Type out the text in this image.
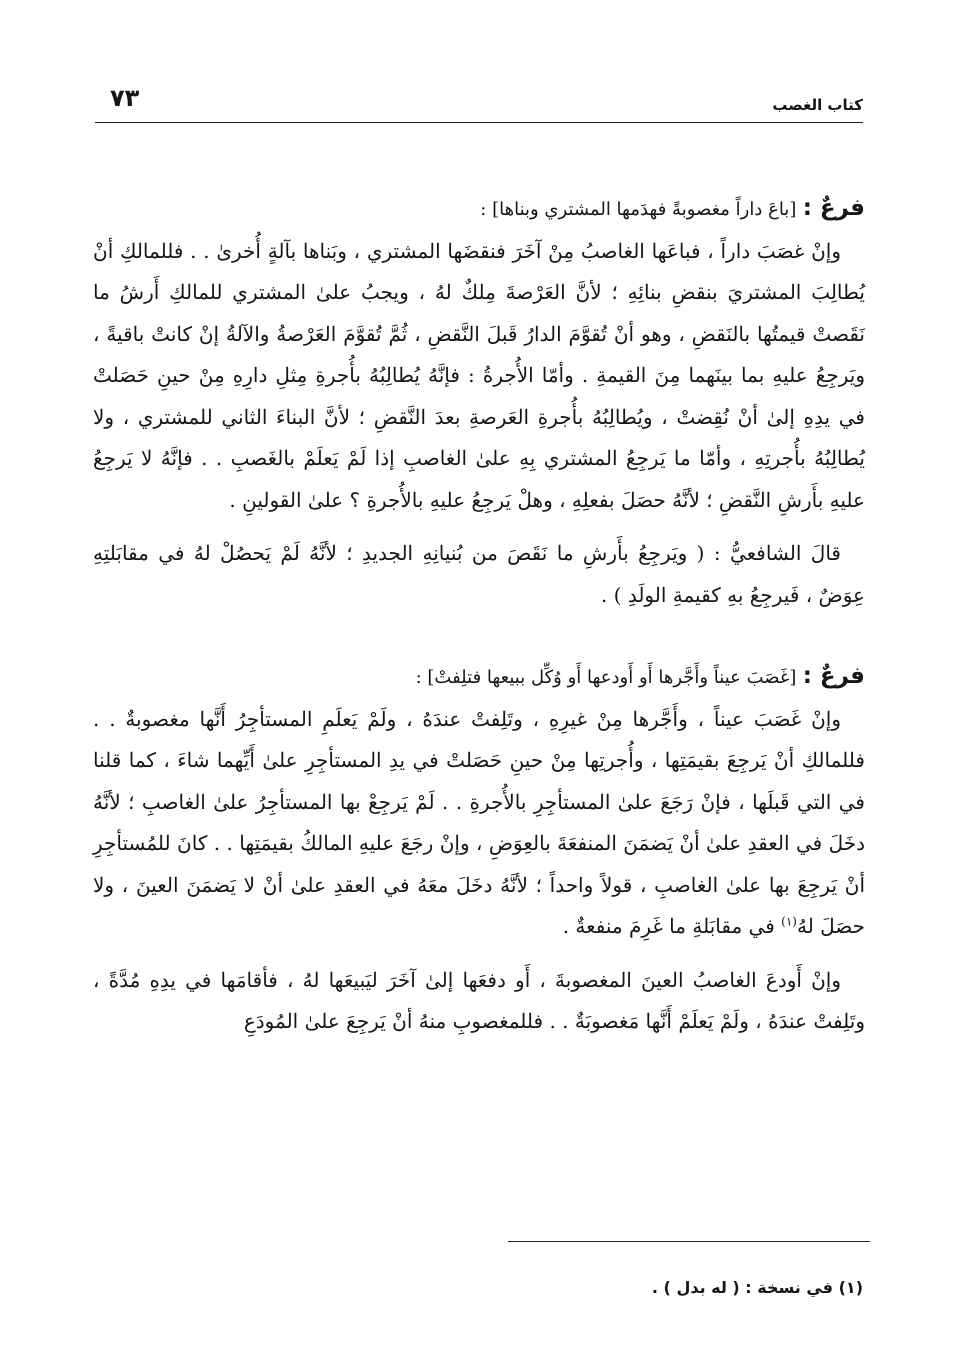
كتاب الغصب
٧٣

فرعٌ : [باعَ داراً مغصوبةً فهدَمها المشتري وبناها] :

وإنْ غصَبَ داراً ، فباعَها الغاصبُ مِنْ آخَرَ فنقضَها المشتري ، وبَناها بآلةٍ أُخرىٰ . . فللمالكِ أنْ يُطالِبَ المشتريَ بنقضِ بنائِهِ ؛ لأنَّ العَرْصةَ مِلكٌ لهُ ، ويجبُ علىٰ المشتري للمالكِ أَرشُ ما نَقَصتْ قيمتُها بالنَقضِ ، وهو أنْ تُقوَّمَ الدارُ قَبلَ النَّقضِ ، ثُمَّ تُقوَّمَ العَرْصةُ والآلةُ إنْ كانتْ باقيةً ، ويَرجِعُ عليهِ بما بينَهما مِنَ القيمةِ . وأمّا الأُجرةُ : فإنَّهُ يُطالِبُهُ بأُجرةِ مِثلِ دارِهِ مِنْ حينِ حَصَلتْ في يدِهِ إلىٰ أنْ نُقِضتْ ، ويُطالِبُهُ بأُجرةِ العَرصةِ بعدَ النَّقضِ ؛ لأنَّ البناءَ الثاني للمشتري ، ولا يُطالِبُهُ بأُجرتِهِ ، وأمّا ما يَرجِعُ المشتري بِهِ علىٰ الغاصبِ إذا لَمْ يَعلَمْ بالغَصبِ . . فإنَّهُ لا يَرجِعُ عليهِ بأَرشِ النَّقضِ ؛ لأنَّهُ حصَلَ بفعلِهِ ، وهلْ يَرجِعُ عليهِ بالأُجرةِ ؟ علىٰ القولينِ .

قالَ الشافعيُّ : ( ويَرجِعُ بأَرشِ ما نَقَصَ من بُنيانِهِ الجديدِ ؛ لأنَّهُ لَمْ يَحصُلْ لهُ في مقابَلتِهِ عِوَضٌ ، فَيرجِعُ بهِ كقيمةِ الولَدِ ) .

فرعٌ : [غَصَبَ عيناً وأَجَّرها أَو أَودعها أَو وُكِّل ببيعها فتلِفتْ] :

وإنْ غَصَبَ عيناً ، وأَجَّرها مِنْ غيرِهِ ، وتَلِفتْ عندَهُ ، ولَمْ يَعلَمِ المستأجِرُ أَنَّها مغصوبةٌ . . فللمالكِ أنْ يَرجِعَ بقيمَتِها ، وأُجرتِها مِنْ حينِ حَصَلتْ في يدِ المستأجِرِ علىٰ أَيِّهما شاءَ ، كما قلنا في التي قَبلَها ، فإنْ رَجَعَ علىٰ المستأجِرِ بالأُجرةِ . . لَمْ يَرجِعْ بها المستأجِرُ علىٰ الغاصبِ ؛ لأنَّهُ دخَلَ في العقدِ علىٰ أنْ يَضمَنَ المنفعَةَ بالعِوَضِ ، وإنْ رجَعَ عليهِ المالكُ بقيمَتِها . . كانَ للمُستأجِرِ أنْ يَرجِعَ بها علىٰ الغاصبِ ، قولاً واحداً ؛ لأنَّهُ دخَلَ معَهُ في العقدِ علىٰ أنْ لا يَضمَنَ العينَ ، ولا حصَلَ لهُ$^{(١)}$ في مقابَلةِ ما غَرِمَ منفعةٌ .

وإنْ أَودعَ الغاصبُ العينَ المغصوبةَ ، أَو دفعَها إلىٰ آخَرَ ليَبيعَها لهُ ، فأقامَها في يدِهِ مُدَّةً ، وتَلِفتْ عندَهُ ، ولَمْ يَعلَمْ أَنَّها مَغصوبَةٌ . . فللمغصوبِ منهُ أنْ يَرجِعَ علىٰ المُودَعِ

(١) في نسخة : ( له بدل ) .
